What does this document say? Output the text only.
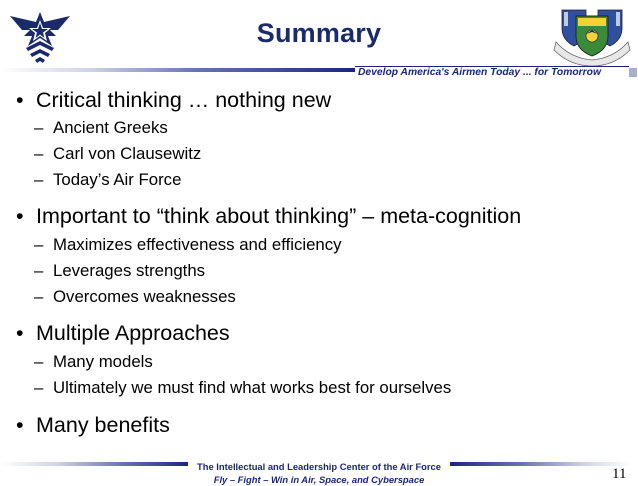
Summary
Develop America's Airmen Today ... for Tomorrow
• Critical thinking … nothing new
– Ancient Greeks
– Carl von Clausewitz
– Today’s Air Force
• Important to “think about thinking” – meta-cognition
– Maximizes effectiveness and efficiency
– Leverages strengths
– Overcomes weaknesses
• Multiple Approaches
– Many models
– Ultimately we must find what works best for ourselves
• Many benefits
The Intellectual and Leadership Center of the Air Force
Fly – Fight – Win in Air, Space, and Cyberspace	11
